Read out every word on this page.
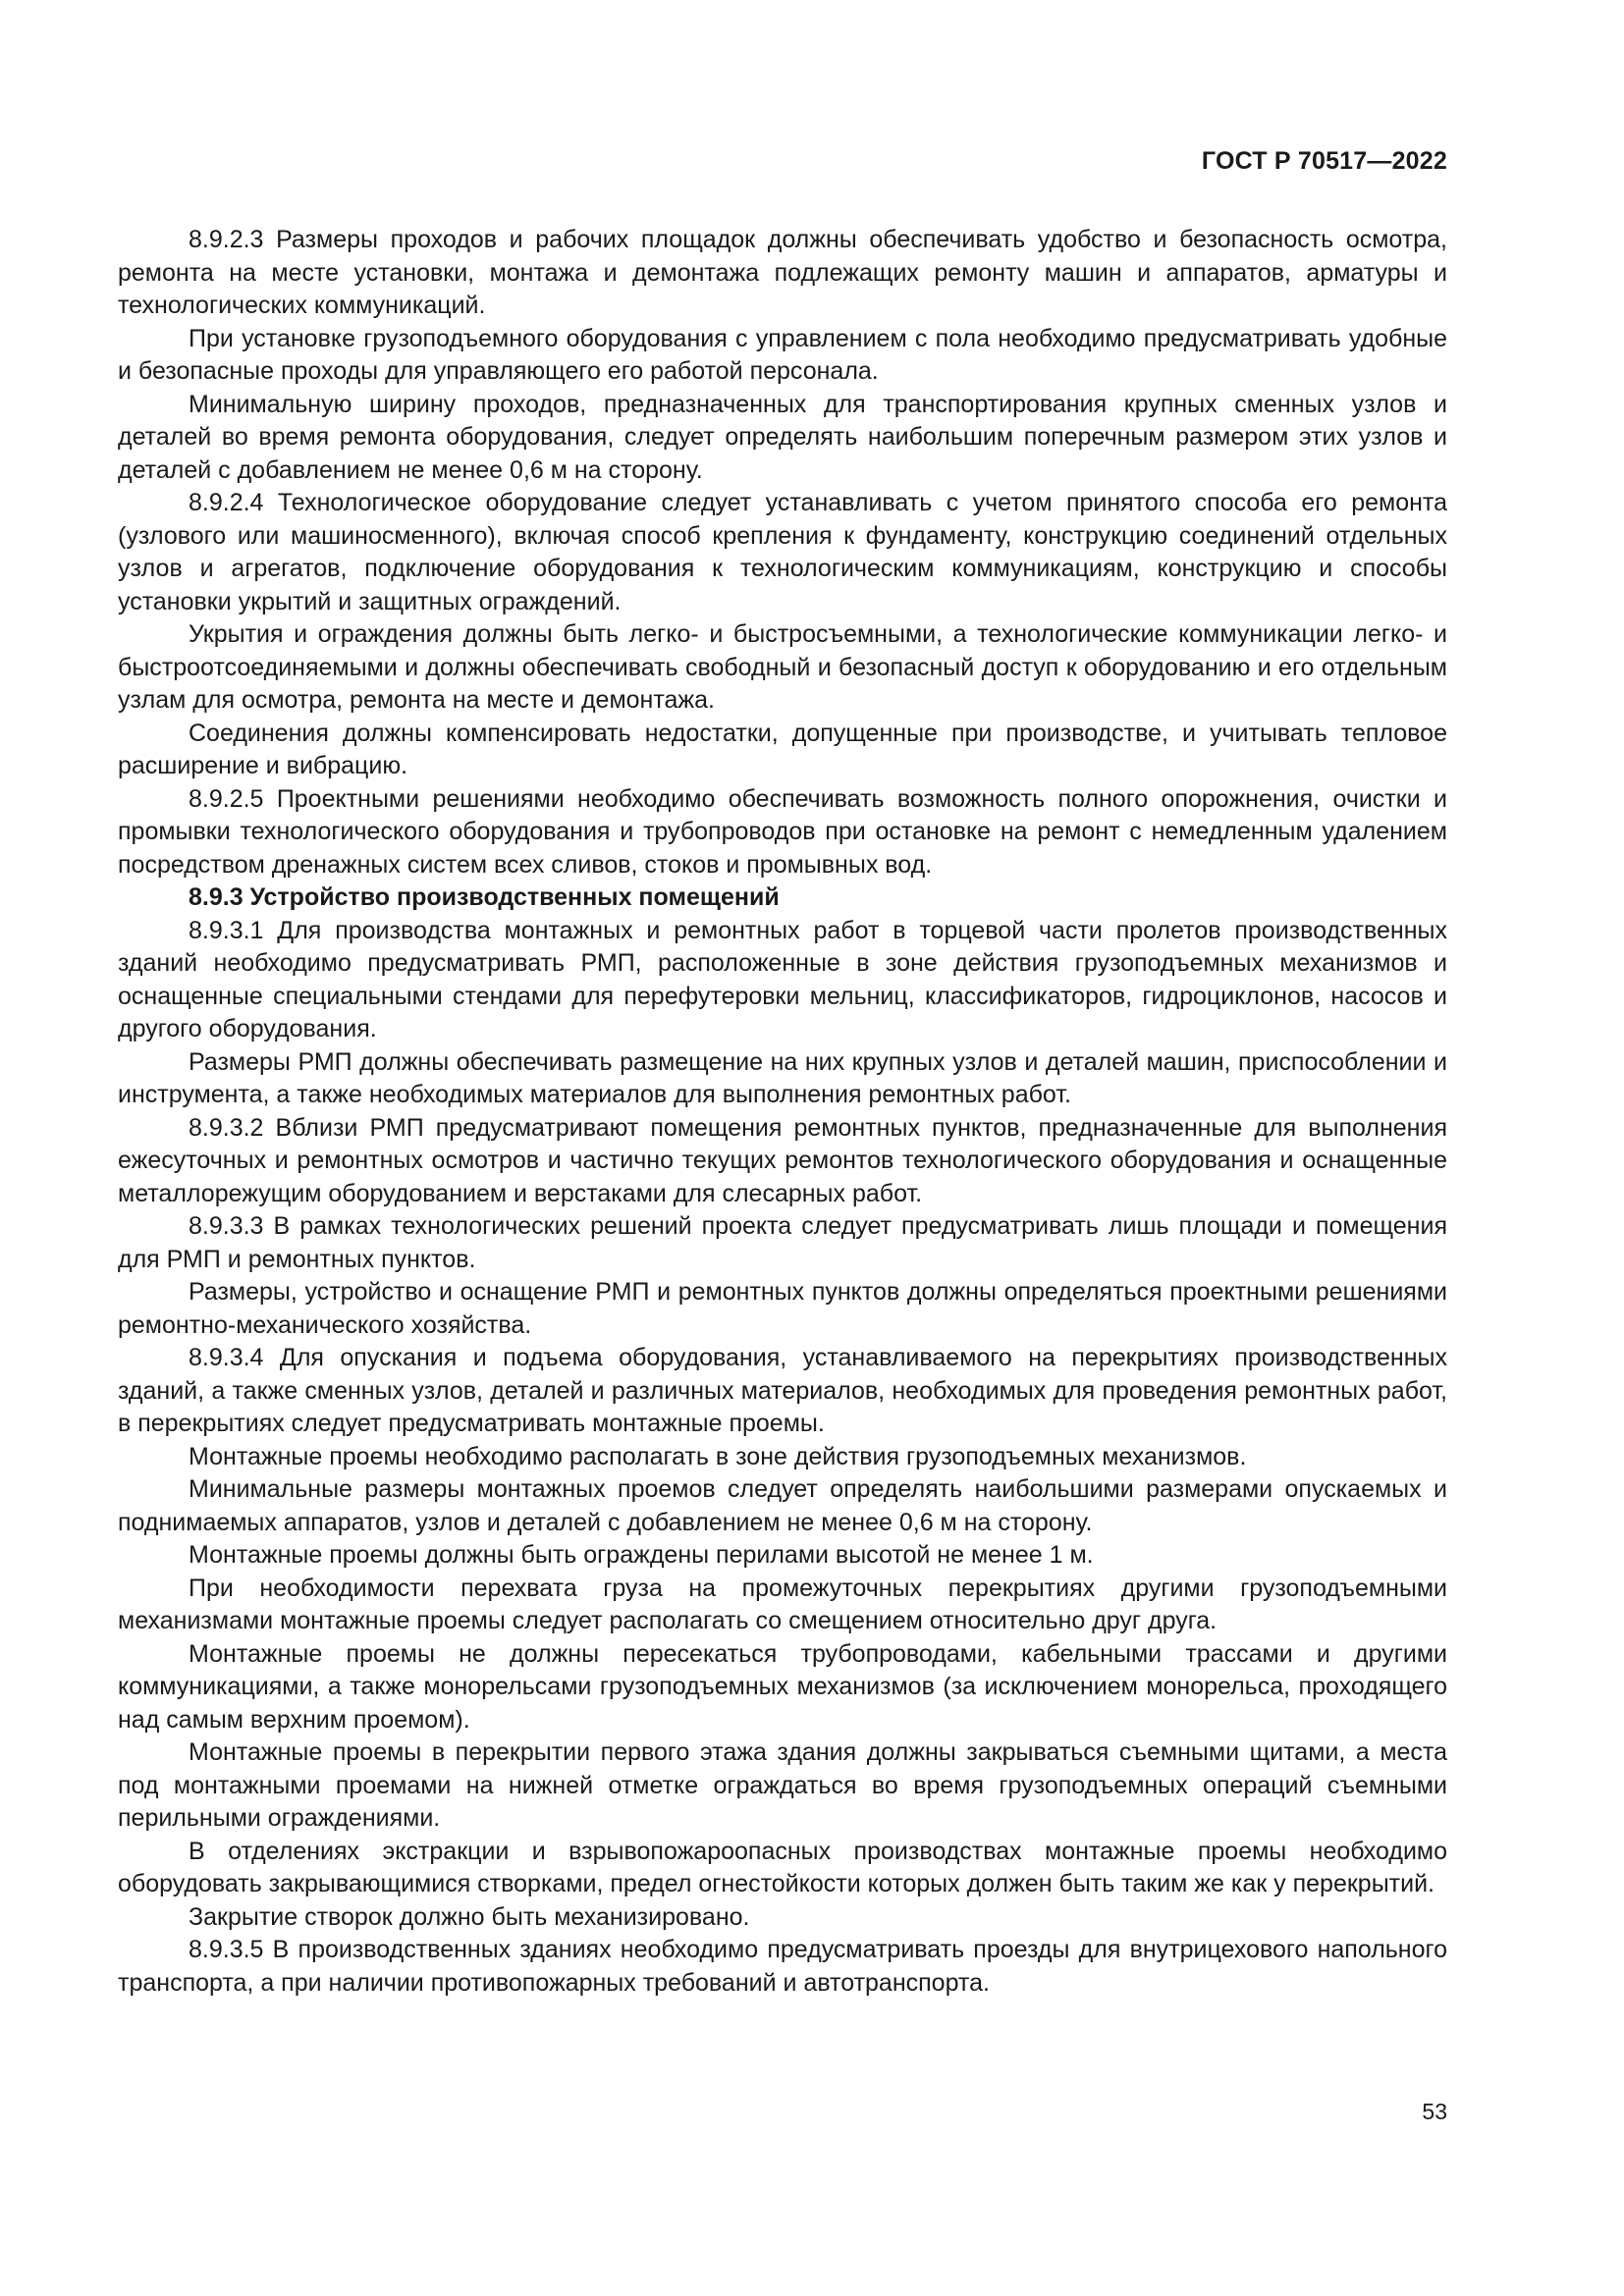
ГОСТ Р 70517—2022

8.9.2.3 Размеры проходов и рабочих площадок должны обеспечивать удобство и безопасность осмотра, ремонта на месте установки, монтажа и демонтажа подлежащих ремонту машин и аппаратов, арматуры и технологических коммуникаций.

При установке грузоподъемного оборудования с управлением с пола необходимо предусматривать удобные и безопасные проходы для управляющего его работой персонала.

Минимальную ширину проходов, предназначенных для транспортирования крупных сменных узлов и деталей во время ремонта оборудования, следует определять наибольшим поперечным размером этих узлов и деталей с добавлением не менее 0,6 м на сторону.

8.9.2.4 Технологическое оборудование следует устанавливать с учетом принятого способа его ремонта (узлового или машиносменного), включая способ крепления к фундаменту, конструкцию соединений отдельных узлов и агрегатов, подключение оборудования к технологическим коммуникациям, конструкцию и способы установки укрытий и защитных ограждений.

Укрытия и ограждения должны быть легко- и быстросъемными, а технологические коммуникации легко- и быстроотсоединяемыми и должны обеспечивать свободный и безопасный доступ к оборудованию и его отдельным узлам для осмотра, ремонта на месте и демонтажа.

Соединения должны компенсировать недостатки, допущенные при производстве, и учитывать тепловое расширение и вибрацию.

8.9.2.5 Проектными решениями необходимо обеспечивать возможность полного опорожнения, очистки и промывки технологического оборудования и трубопроводов при остановке на ремонт с немедленным удалением посредством дренажных систем всех сливов, стоков и промывных вод.

8.9.3 Устройство производственных помещений

8.9.3.1 Для производства монтажных и ремонтных работ в торцевой части пролетов производственных зданий необходимо предусматривать РМП, расположенные в зоне действия грузоподъемных механизмов и оснащенные специальными стендами для перефутеровки мельниц, классификаторов, гидроциклонов, насосов и другого оборудования.

Размеры РМП должны обеспечивать размещение на них крупных узлов и деталей машин, приспособлении и инструмента, а также необходимых материалов для выполнения ремонтных работ.

8.9.3.2 Вблизи РМП предусматривают помещения ремонтных пунктов, предназначенные для выполнения ежесуточных и ремонтных осмотров и частично текущих ремонтов технологического оборудования и оснащенные металлорежущим оборудованием и верстаками для слесарных работ.

8.9.3.3 В рамках технологических решений проекта следует предусматривать лишь площади и помещения для РМП и ремонтных пунктов.

Размеры, устройство и оснащение РМП и ремонтных пунктов должны определяться проектными решениями ремонтно-механического хозяйства.

8.9.3.4 Для опускания и подъема оборудования, устанавливаемого на перекрытиях производственных зданий, а также сменных узлов, деталей и различных материалов, необходимых для проведения ремонтных работ, в перекрытиях следует предусматривать монтажные проемы.

Монтажные проемы необходимо располагать в зоне действия грузоподъемных механизмов.

Минимальные размеры монтажных проемов следует определять наибольшими размерами опускаемых и поднимаемых аппаратов, узлов и деталей с добавлением не менее 0,6 м на сторону.

Монтажные проемы должны быть ограждены перилами высотой не менее 1 м.

При необходимости перехвата груза на промежуточных перекрытиях другими грузоподъемными механизмами монтажные проемы следует располагать со смещением относительно друг друга.

Монтажные проемы не должны пересекаться трубопроводами, кабельными трассами и другими коммуникациями, а также монорельсами грузоподъемных механизмов (за исключением монорельса, проходящего над самым верхним проемом).

Монтажные проемы в перекрытии первого этажа здания должны закрываться съемными щитами, а места под монтажными проемами на нижней отметке ограждаться во время грузоподъемных операций съемными перильными ограждениями.

В отделениях экстракции и взрывопожароопасных производствах монтажные проемы необходимо оборудовать закрывающимися створками, предел огнестойкости которых должен быть таким же как у перекрытий.

Закрытие створок должно быть механизировано.

8.9.3.5 В производственных зданиях необходимо предусматривать проезды для внутрицехового напольного транспорта, а при наличии противопожарных требований и автотранспорта.

53
